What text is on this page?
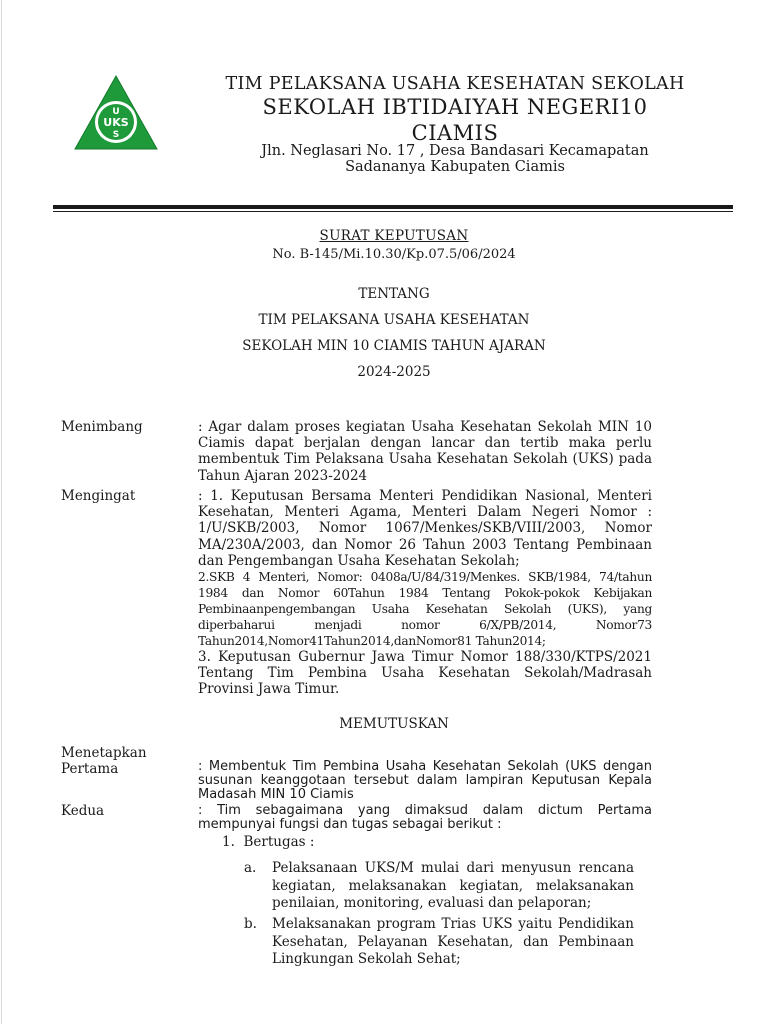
U
UKS
S

TIM PELAKSANA USAHA KESEHATAN SEKOLAH

SEKOLAH IBTIDAIYAH NEGERI10
CIAMIS
Jln. Neglasari No. 17 , Desa Bandasari Kecamapatan
Sadananya Kabupaten Ciamis

SURAT KEPUTUSAN

No. B-145/Mi.10.30/Kp.07.5/06/2024

TENTANG

TIM PELAKSANA USAHA KESEHATAN

SEKOLAH MIN 10 CIAMIS TAHUN AJARAN

2024-2025

Menimbang	: Agar dalam proses kegiatan Usaha Kesehatan Sekolah MIN 10 Ciamis dapat berjalan dengan lancar dan tertib maka perlu membentuk Tim Pelaksana Usaha Kesehatan Sekolah (UKS) pada Tahun Ajaran 2023-2024

Mengingat	: 1. Keputusan Bersama Menteri Pendidikan Nasional, Menteri Kesehatan, Menteri Agama, Menteri Dalam Negeri Nomor : 1/U/SKB/2003, Nomor 1067/Menkes/SKB/VIII/2003, Nomor MA/230A/2003, dan Nomor 26 Tahun 2003 Tentang Pembinaan dan Pengembangan Usaha Kesehatan Sekolah;

2.SKB 4 Menteri, Nomor: 0408a/U/84/319/Menkes. SKB/1984, 74/tahun 1984 dan Nomor 60Tahun 1984 Tentang Pokok-pokok Kebijakan Pembinaanpengembangan Usaha Kesehatan Sekolah (UKS), yang diperbaharui menjadi nomor 6/X/PB/2014, Nomor73 Tahun2014,Nomor41Tahun2014,danNomor81 Tahun2014;

3. Keputusan Gubernur Jawa Timur Nomor 188/330/KTPS/2021 Tentang Tim Pembina Usaha Kesehatan Sekolah/Madrasah Provinsi Jawa Timur.

MEMUTUSKAN

Menetapkan

Pertama	: Membentuk Tim Pembina Usaha Kesehatan Sekolah (UKS dengan susunan keanggotaan tersebut dalam lampiran Keputusan Kepala Madasah MIN 10 Ciamis

Kedua	: Tim sebagaimana yang dimaksud dalam dictum Pertama mempunyai fungsi dan tugas sebagai berikut :

1. Bertugas :

a. Pelaksanaan UKS/M mulai dari menyusun rencana kegiatan, melaksanakan kegiatan, melaksanakan penilaian, monitoring, evaluasi dan pelaporan;

b. Melaksanakan program Trias UKS yaitu Pendidikan Kesehatan, Pelayanan Kesehatan, dan Pembinaan Lingkungan Sekolah Sehat;
